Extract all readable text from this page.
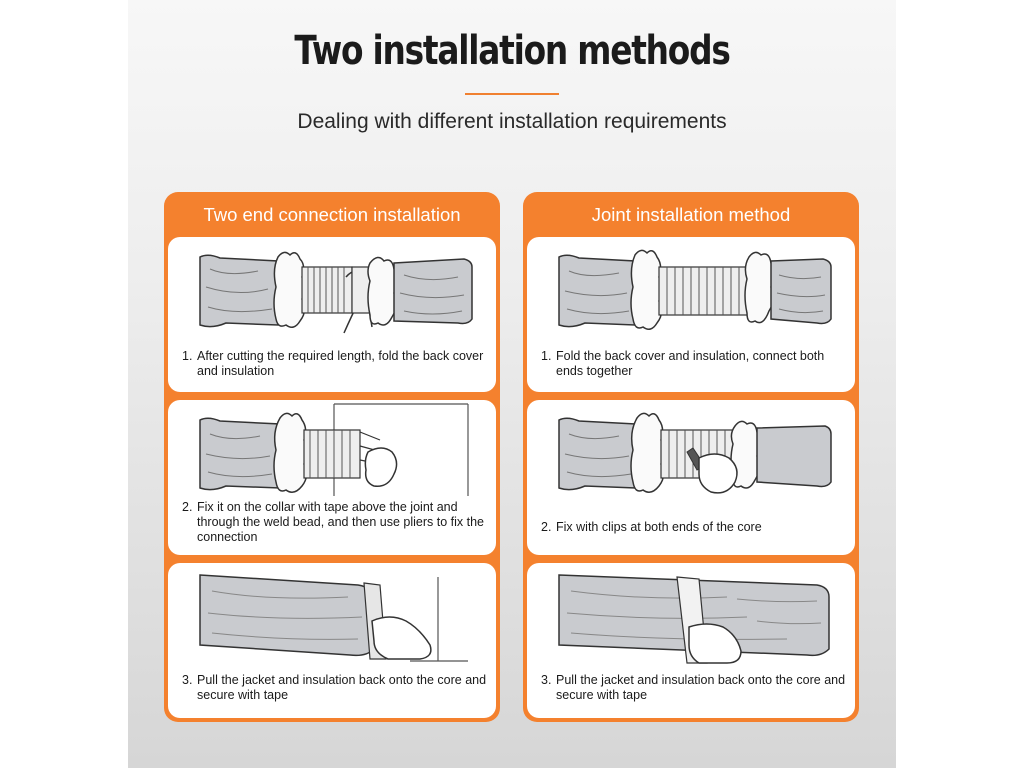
Two installation methods
Dealing with different installation requirements
Two end connection installation
1. After cutting the required length, fold the back cover and insulation
2. Fix it on the collar with tape above the joint and through the weld bead, and then use pliers to fix the connection
3. Pull the jacket and insulation back onto the core and secure with tape
Joint installation method
1. Fold the back cover and insulation, connect both ends together
2. Fix with clips at both ends of the core
3. Pull the jacket and insulation back onto the core and secure with tape
